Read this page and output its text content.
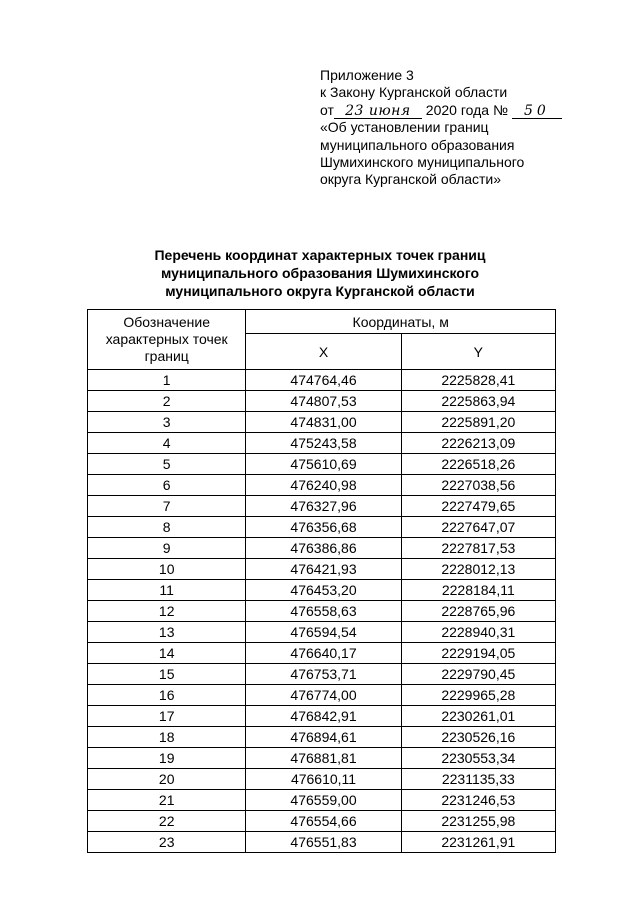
Приложение 3
к Закону Курганской области
от 23 июня 2020 года № 50
«Об установлении границ
муниципального образования
Шумихинского муниципального
округа Курганской области»
Перечень координат характерных точек границ
муниципального образования Шумихинского
муниципального округа Курганской области
Обозначение характерных точек границ	Координаты, м	
	X	Y
1	474764,46	2225828,41
2	474807,53	2225863,94
3	474831,00	2225891,20
4	475243,58	2226213,09
5	475610,69	2226518,26
6	476240,98	2227038,56
7	476327,96	2227479,65
8	476356,68	2227647,07
9	476386,86	2227817,53
10	476421,93	2228012,13
11	476453,20	2228184,11
12	476558,63	2228765,96
13	476594,54	2228940,31
14	476640,17	2229194,05
15	476753,71	2229790,45
16	476774,00	2229965,28
17	476842,91	2230261,01
18	476894,61	2230526,16
19	476881,81	2230553,34
20	476610,11	2231135,33
21	476559,00	2231246,53
22	476554,66	2231255,98
23	476551,83	2231261,91
